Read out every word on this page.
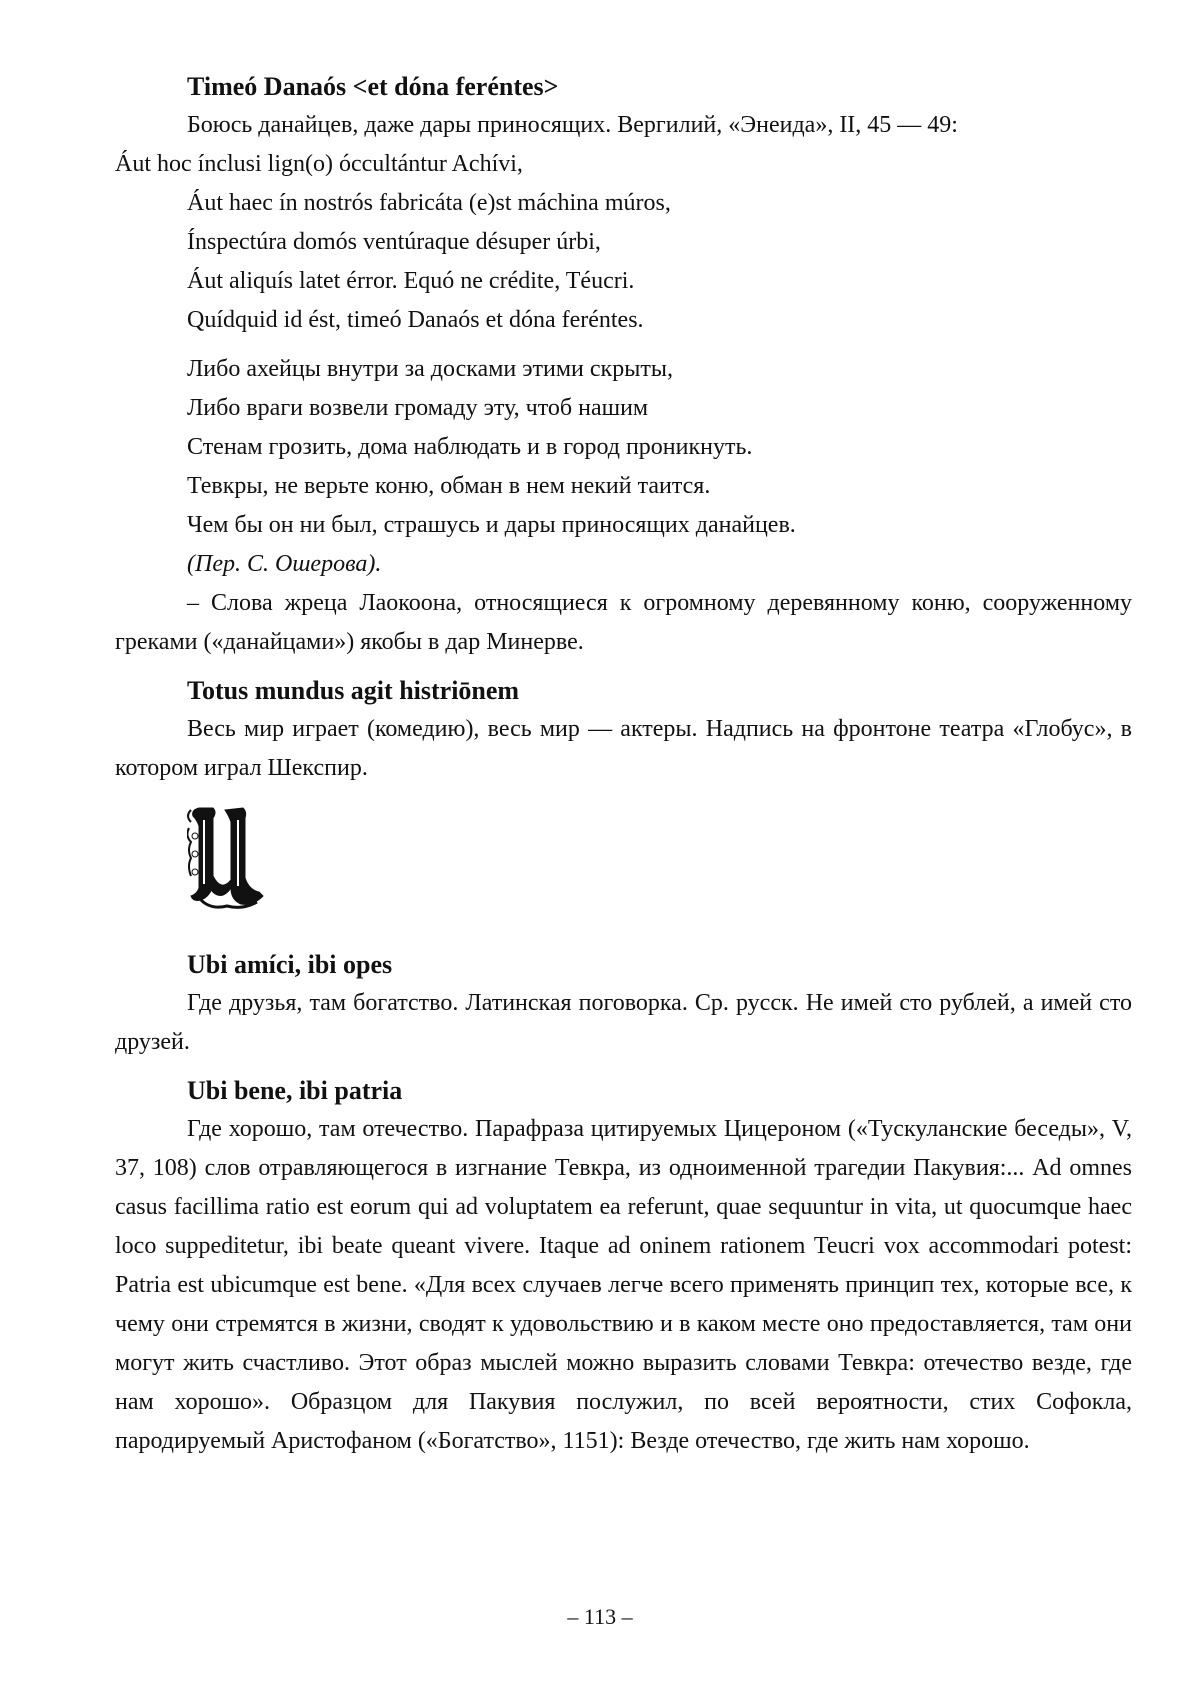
Timeó Danaós <et dóna feréntes>

Боюсь данайцев, даже дары приносящих. Вергилий, «Энеида», II, 45 — 49:

Áut hoc ínclusi lign(o) óccultántur Achívi,
Áut haec ín nostrós fabricáta (e)st máchina múros,
Ínspectúra domós ventúraque désuper úrbi,
Áut aliquís latet érror. Equó ne crédite, Téucri.
Quídquid id ést, timeó Danaós et dóna feréntes.
Либо ахейцы внутри за досками этими скрыты,
Либо враги возвели громаду эту, чтоб нашим
Стенам грозить, дома наблюдать и в город проникнуть.
Тевкры, не верьте коню, обман в нем некий таится.
Чем бы он ни был, страшусь и дары приносящих данайцев.
(Пер. С. Ошерова).

– Слова жреца Лаокоона, относящиеся к огромному деревянному коню, сооруженному греками («данайцами») якобы в дар Минерве.

Totus mundus agit histriōnem

Весь мир играет (комедию), весь мир — актеры. Надпись на фронтоне театра «Глобус», в котором играл Шекспир.

Ubi amíci, ibi opes

Где друзья, там богатство. Латинская поговорка. Ср. русск. Не имей сто рублей, а имей сто друзей.

Ubi bene, ibi patria

Где хорошо, там отечество. Парафраза цитируемых Цицероном («Тускуланские беседы», V, 37, 108) слов отравляющегося в изгнание Тевкра, из одноименной трагедии Пакувия:... Ad omnes casus facillima ratio est eorum qui ad voluptatem ea referunt, quae sequuntur in vita, ut quocumque haec loco suppeditetur, ibi beate queant vivere. Itaque ad oninem rationem Teucri vox accommodari potest: Patria est ubicumque est bene. «Для всех случаев легче всего применять принцип тех, которые все, к чему они стремятся в жизни, сводят к удовольствию и в каком месте оно предоставляется, там они могут жить счастливо. Этот образ мыслей можно выразить словами Тевкра: отечество везде, где нам хорошо». Образцом для Пакувия послужил, по всей вероятности, стих Софокла, пародируемый Аристофаном («Богатство», 1151): Везде отечество, где жить нам хорошо.

– 113 –
